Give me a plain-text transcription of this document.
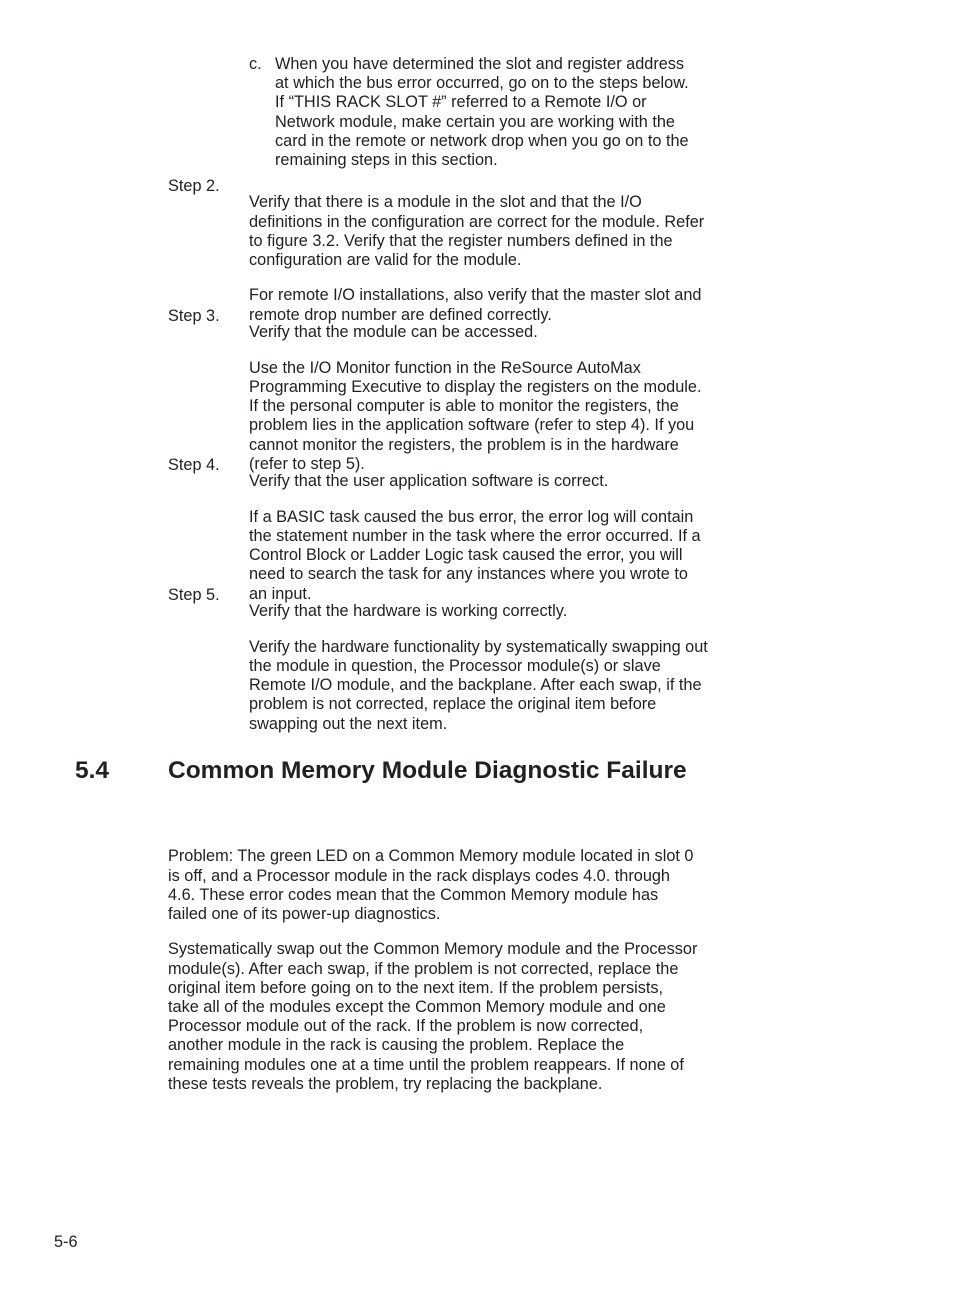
c. When you have determined the slot and register address at which the bus error occurred, go on to the steps below. If “THIS RACK SLOT #” referred to a Remote I/O or Network module, make certain you are working with the card in the remote or network drop when you go on to the remaining steps in this section.
Step 2.

Verify that there is a module in the slot and that the I/O definitions in the configuration are correct for the module. Refer to figure 3.2. Verify that the register numbers defined in the configuration are valid for the module.

For remote I/O installations, also verify that the master slot and remote drop number are defined correctly.

Step 3.

Verify that the module can be accessed.

Use the I/O Monitor function in the ReSource AutoMax Programming Executive to display the registers on the module. If the personal computer is able to monitor the registers, the problem lies in the application software (refer to step 4). If you cannot monitor the registers, the problem is in the hardware (refer to step 5).

Step 4.

Verify that the user application software is correct.

If a BASIC task caused the bus error, the error log will contain the statement number in the task where the error occurred. If a Control Block or Ladder Logic task caused the error, you will need to search the task for any instances where you wrote to an input.

Step 5.

Verify that the hardware is working correctly.

Verify the hardware functionality by systematically swapping out the module in question, the Processor module(s) or slave Remote I/O module, and the backplane. After each swap, if the problem is not corrected, replace the original item before swapping out the next item.

5.4 Common Memory Module Diagnostic Failure

Problem: The green LED on a Common Memory module located in slot 0 is off, and a Processor module in the rack displays codes 4.0. through 4.6. These error codes mean that the Common Memory module has failed one of its power-up diagnostics.

Systematically swap out the Common Memory module and the Processor module(s). After each swap, if the problem is not corrected, replace the original item before going on to the next item. If the problem persists, take all of the modules except the Common Memory module and one Processor module out of the rack. If the problem is now corrected, another module in the rack is causing the problem. Replace the remaining modules one at a time until the problem reappears. If none of these tests reveals the problem, try replacing the backplane.

5-6
